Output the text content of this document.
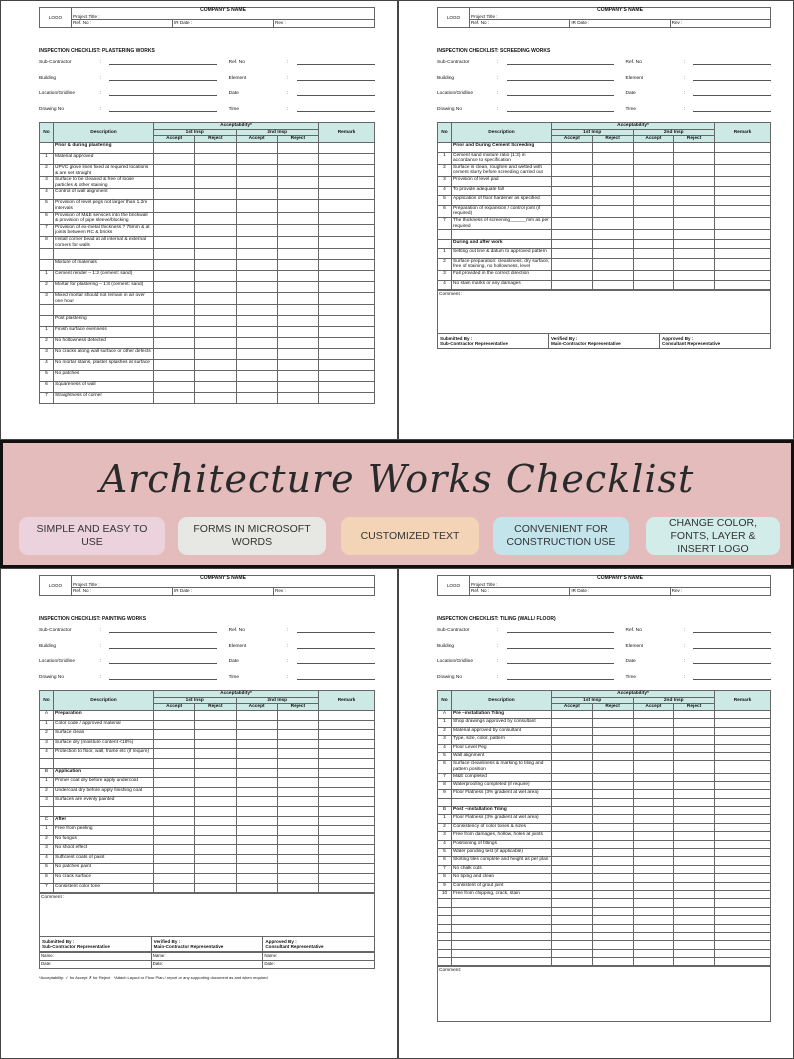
LOGO	COMPANY'S NAME
Project Title :		

	Ref. No :	IR Date :	Rev :
INSPECTION CHECKLIST: PLASTERING WORKS
Sub-Contractor	:	Ref. No	:
Building	:	Element	:
Location/Gridline	:	Date	:
Drawing No	:	Time	:
No	Description	Acceptability*				Remark
		1st Insp		2nd Insp		
		Accept	Reject	Accept	Reject	
	Prior & during plastering					
1	Material approved					
2	UPVC glove lines fixed at required locations & are set straight					
3	Surface to be cleaned & free of loose particles & other staining					
4	Control of wall alignment					
5	Provision of level pegs not larger than 1.2m intervals					
6	Provision of M&E services into the brickwall & provision of pipe sleeve/blocking					
7	Provision of ex-metal thickness ? 75mm & at joints between RC & bricks					
8	Install corner bead at all internal & external corners for walls					

	Mixture of materials					
1	Cement render – 1:2 (cement: sand)					
2	Mortar for plastering – 1:8 (cement: sand)					
3	Mixed mortar should not remain in air over one hour					

	Post plastering					
1	Finish surface evenness					
2	No hollowness detected					
3	No cracks along wall surface or other defects					
4	No mortar stains, plaster splashes at surface					
5	No patches					
6	Squareness of wall					
7	Straightness of corner					
LOGO	COMPANY'S NAME
Project Title :		

	Ref. No :	IR Date :	Rev :
INSPECTION CHECKLIST: SCREEDING WORKS
Sub-Contractor	:	Ref. No	:
Building	:	Element	:
Location/Gridline	:	Date	:
Drawing No	:	Time	:
No	Description	Acceptability*				Remark
		1st Insp		2nd Insp		
		Accept	Reject	Accept	Reject	
	Prior and During Cement Screeding					
1	Cement sand mixture ratio (1:3) in accordance to specification					
2	Surface is clean, roughen and wetted with cement slurry before screeding carried out					
3	Provision of level pad					
4	To provide adequate fall					
5	Application of floor hardener as specified					
6	Preparation of expansion / control joint (if required)					
7	The thickness of screening______mm as per required					

	During and after work					
1	Setting out line & datum to approved pattern					
2	Surface preparation: cleanliness, dry surface, free of staining, no hollowness, level					
3	Fall provided in the correct direction					
4	No stain marks or any damages					
Comment :
Submitted By :
Sub-Contractor Representative
Verified By :
Main-Contractor Representative
Approved By :
Consultant Representative
LOGO	COMPANY'S NAME
Project Title :		

	Ref. No :	IR Date :	Rev :
INSPECTION CHECKLIST: PAINTING WORKS
Sub-Contractor	:	Ref. No	:
Building	:	Element	:
Location/Gridline	:	Date	:
Drawing No	:	Time	:
No	Description	Acceptability*				Remark
		1st Insp		2nd Insp		
		Accept	Reject	Accept	Reject	
A	Preparation					
1	Color code / approved material					
2	Surface clean					
3	Surface dry (moisture content <18%)					
4	Protection to floor, wall, frame etc (if require)					

B	Application					
1	Primer coat dry before apply undercoat					
2	Undercoat dry before apply finishing coat					
3	Surfaces are evenly painted					

C	After					
1	Free from peeling					
2	No fungus					
3	No shoot effect					
4	Sufficient coats of paint					
5	No patches paint					
6	No crack surface					
7	Consistent color tone					
Comment :
Submitted By :
Sub-Contractor Representative
Verified By :
Main-Contractor Representative
Approved By :
Consultant Representative
Name:	Name:	Name:
Date:	Date:	Date:
*Acceptability: ✓ for Accept ✗ for Reject *Attach Layout or Floor Plan / report or any supporting document as and when required
LOGO	COMPANY'S NAME
Project Title :		

	Ref. No :	IR Date :	Rev :
INSPECTION CHECKLIST: TILING (WALL/ FLOOR)
Sub-Contractor	:	Ref. No	:
Building	:	Element	:
Location/Gridline	:	Date	:
Drawing No	:	Time	:
No	Description	Acceptability*				Remark
		1st Insp		2nd Insp		
		Accept	Reject	Accept	Reject	
A	Pre –installation Tiling					
1	Shop drawings approved by consultant					
2	Material approved by consultant					
3	Type, size, color, pattern					
4	Floor Level Peg					
5	Wall alignment					
6	Surface cleanliness & marking to tiling and pattern position					
7	M&E completed					
8	Waterproofing completed (if require)					
9	Floor Flatness (3% gradient at wet area)					

B	Post –installation Tiling					
1	Floor Flatness (3% gradient at wet area)					
2	Consistency of color tones & sizes					
3	Free from damages, hollow, holes at joints					
4	Positioning of fittings					
5	Water ponding test (if applicable)					
6	Skirting tiles complete and height as per plan					
7	No chalk cuts					
8	No tiping and clean					
9	Consistent of grout joint					
10	Free from chipping, crack, stain					

Comment:
Architecture Works Checklist
SIMPLE AND EASY TO USE
FORMS IN MICROSOFT WORDS
CUSTOMIZED TEXT
CONVENIENT FOR CONSTRUCTION USE
CHANGE COLOR, FONTS, LAYER & INSERT LOGO
